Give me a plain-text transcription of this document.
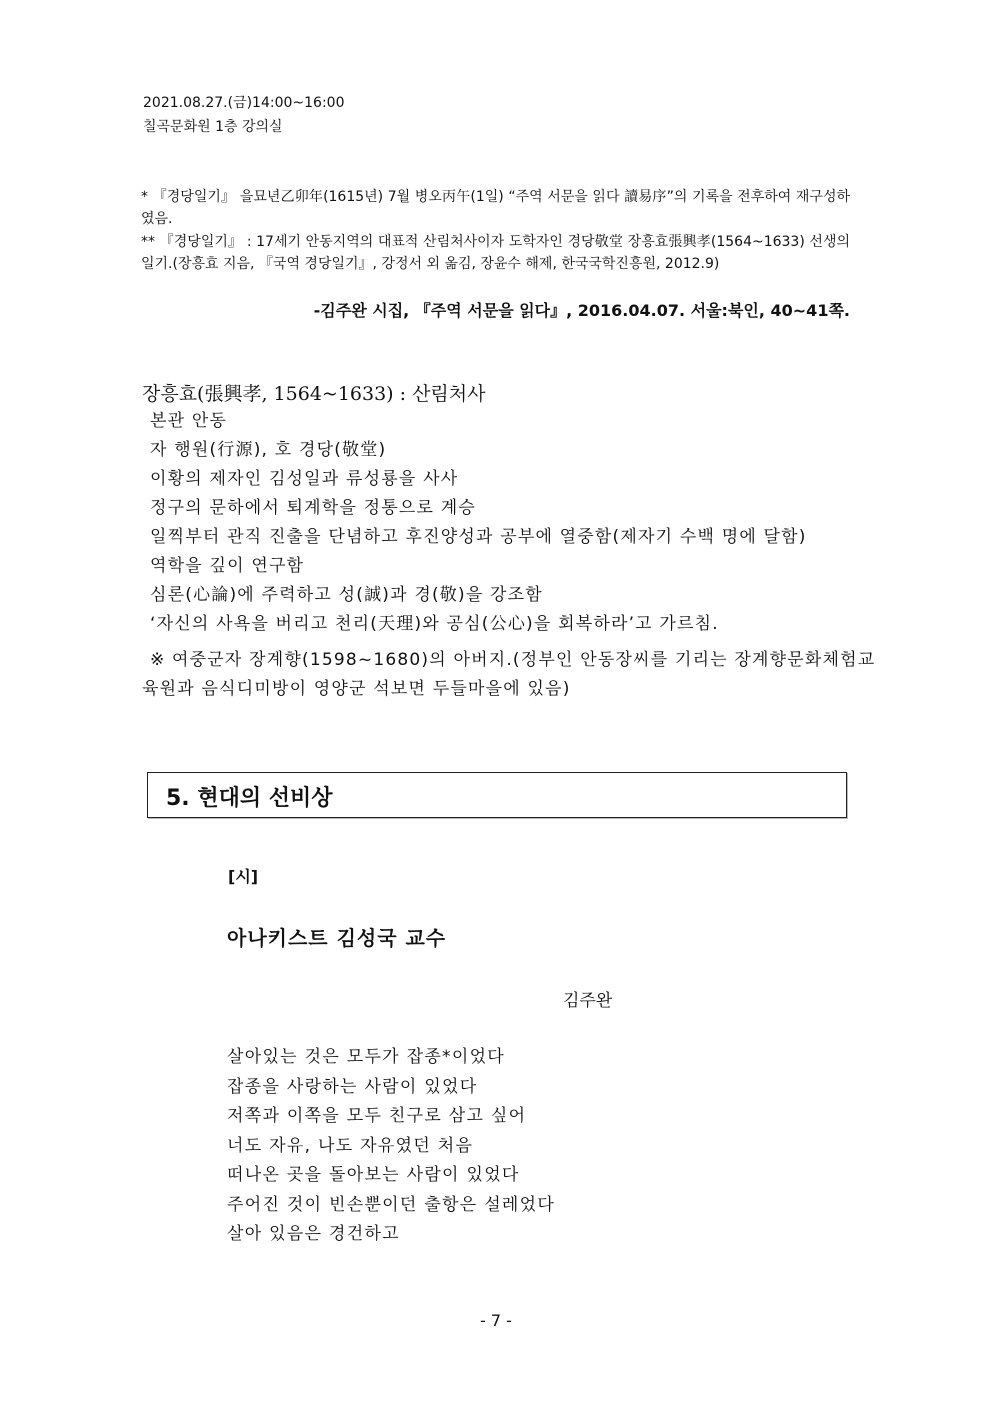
2021.08.27.(금)14:00~16:00
칠곡문화원 1층 강의실
* 『경당일기』 을묘년乙卯年(1615년) 7월 병오丙午(1일) “주역 서문을 읽다 讀易序”의 기록을 전후하여 재구성하였음.
** 『경당일기』 : 17세기 안동지역의 대표적 산림처사이자 도학자인 경당敬堂 장흥효張興孝(1564~1633) 선생의 일기.(장흥효 지음, 『국역 경당일기』, 강정서 외 옮김, 장윤수 해제, 한국국학진흥원, 2012.9)
-김주완 시집, 『주역 서문을 읽다』, 2016.04.07. 서울:북인, 40~41쪽.
장흥효(張興孝, 1564~1633) : 산림처사
본관 안동
자 행원(行源), 호 경당(敬堂)
이황의 제자인 김성일과 류성룡을 사사
정구의 문하에서 퇴계학을 정통으로 계승
일찍부터 관직 진출을 단념하고 후진양성과 공부에 열중함(제자기 수백 명에 달함)
역학을 깊이 연구함
심론(心論)에 주력하고 성(誠)과 경(敬)을 강조함
‘자신의 사욕을 버리고 천리(天理)와 공심(公心)을 회복하라’고 가르침.
※ 여중군자 장계향(1598~1680)의 아버지.(정부인 안동장씨를 기리는 장계향문화체험교
육원과 음식디미방이 영양군 석보면 두들마을에 있음)
5. 현대의 선비상
[시]
아나키스트 김성국 교수
김주완
살아있는 것은 모두가 잡종*이었다
잡종을 사랑하는 사람이 있었다
저쪽과 이쪽을 모두 친구로 삼고 싶어
너도 자유, 나도 자유였던 처음
떠나온 곳을 돌아보는 사람이 있었다
주어진 것이 빈손뿐이던 출항은 설레었다
살아 있음은 경건하고
- 7 -
